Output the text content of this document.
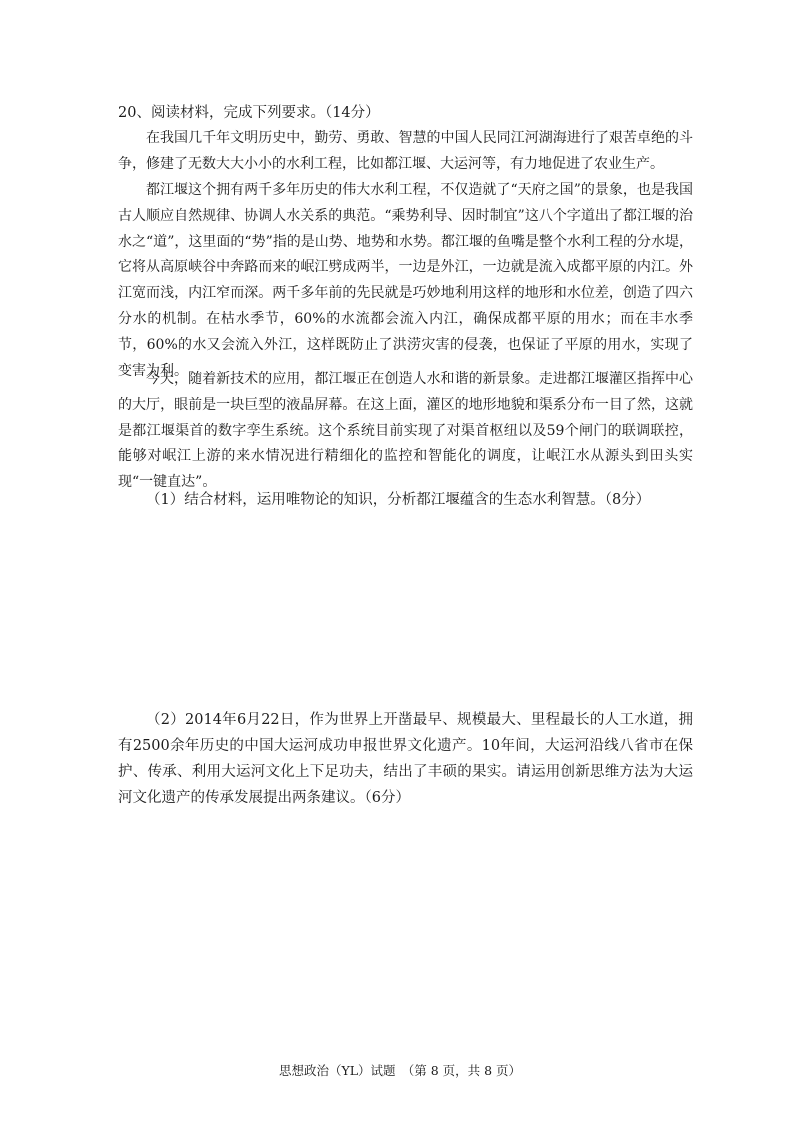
20、阅读材料，完成下列要求。（14分）

在我国几千年文明历史中，勤劳、勇敢、智慧的中国人民同江河湖海进行了艰苦卓绝的斗争，修建了无数大大小小的水利工程，比如都江堰、大运河等，有力地促进了农业生产。

都江堰这个拥有两千多年历史的伟大水利工程，不仅造就了“天府之国”的景象，也是我国古人顺应自然规律、协调人水关系的典范。“乘势利导、因时制宜”这八个字道出了都江堰的治水之“道”，这里面的“势”指的是山势、地势和水势。都江堰的鱼嘴是整个水利工程的分水堤，它将从高原峡谷中奔路而来的岷江劈成两半，一边是外江，一边就是流入成都平原的内江。外江宽而浅，内江窄而深。两千多年前的先民就是巧妙地利用这样的地形和水位差，创造了四六分水的机制。在枯水季节，60%的水流都会流入内江，确保成都平原的用水；而在丰水季节，60%的水又会流入外江，这样既防止了洪涝灾害的侵袭，也保证了平原的用水，实现了变害为利。

今天，随着新技术的应用，都江堰正在创造人水和谐的新景象。走进都江堰灌区指挥中心的大厅，眼前是一块巨型的液晶屏幕。在这上面，灌区的地形地貌和渠系分布一目了然，这就是都江堰渠首的数字孪生系统。这个系统目前实现了对渠首枢纽以及59个闸门的联调联控，能够对岷江上游的来水情况进行精细化的监控和智能化的调度，让岷江水从源头到田头实现“一键直达”。

（1）结合材料，运用唯物论的知识，分析都江堰蕴含的生态水利智慧。（8分）

（2）2014年6月22日，作为世界上开凿最早、规模最大、里程最长的人工水道，拥有2500余年历史的中国大运河成功申报世界文化遗产。10年间，大运河沿线八省市在保护、传承、利用大运河文化上下足功夫，结出了丰硕的果实。请运用创新思维方法为大运河文化遗产的传承发展提出两条建议。（6分）

思想政治（YL）试题　（第 8 页，共 8 页）
